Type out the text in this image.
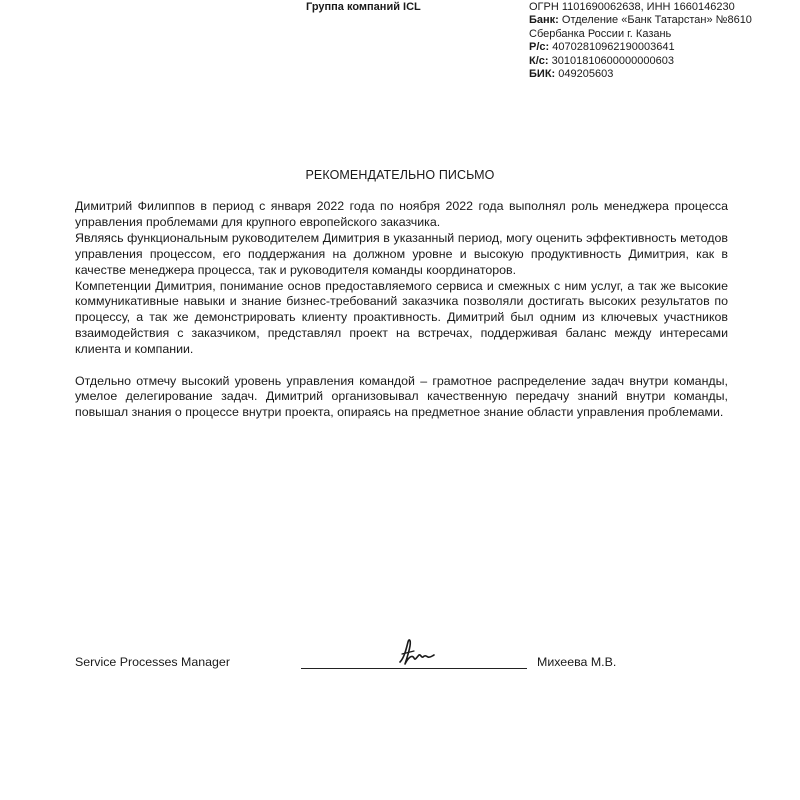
Группа компаний ICL	ОГРН 1101690062638, ИНН 1660146230
Банк: Отделение «Банк Татарстан» №8610
Сбербанка России г. Казань
Р/с: 40702810962190003641
К/с: 30101810600000000603
БИК: 049205603
РЕКОМЕНДАТЕЛЬНО ПИСЬМО

Димитрий Филиппов в период с января 2022 года по ноября 2022 года выполнял роль менеджера процесса управления проблемами для крупного европейского заказчика.

Являясь функциональным руководителем Димитрия в указанный период, могу оценить эффективность методов управления процессом, его поддержания на должном уровне и высокую продуктивность Димитрия, как в качестве менеджера процесса, так и руководителя команды координаторов.

Компетенции Димитрия, понимание основ предоставляемого сервиса и смежных с ним услуг, а так же высокие коммуникативные навыки и знание бизнес-требований заказчика позволяли достигать высоких результатов по процессу, а так же демонстрировать клиенту проактивность. Димитрий был одним из ключевых участников взаимодействия с заказчиком, представлял проект на встречах, поддерживая баланс между интересами клиента и компании.

Отдельно отмечу высокий уровень управления командой – грамотное распределение задач внутри команды, умелое делегирование задач. Димитрий организовывал качественную передачу знаний внутри команды, повышал знания о процессе внутри проекта, опираясь на предметное знание области управления проблемами.

Service Processes Manager	Михеева М.В.
